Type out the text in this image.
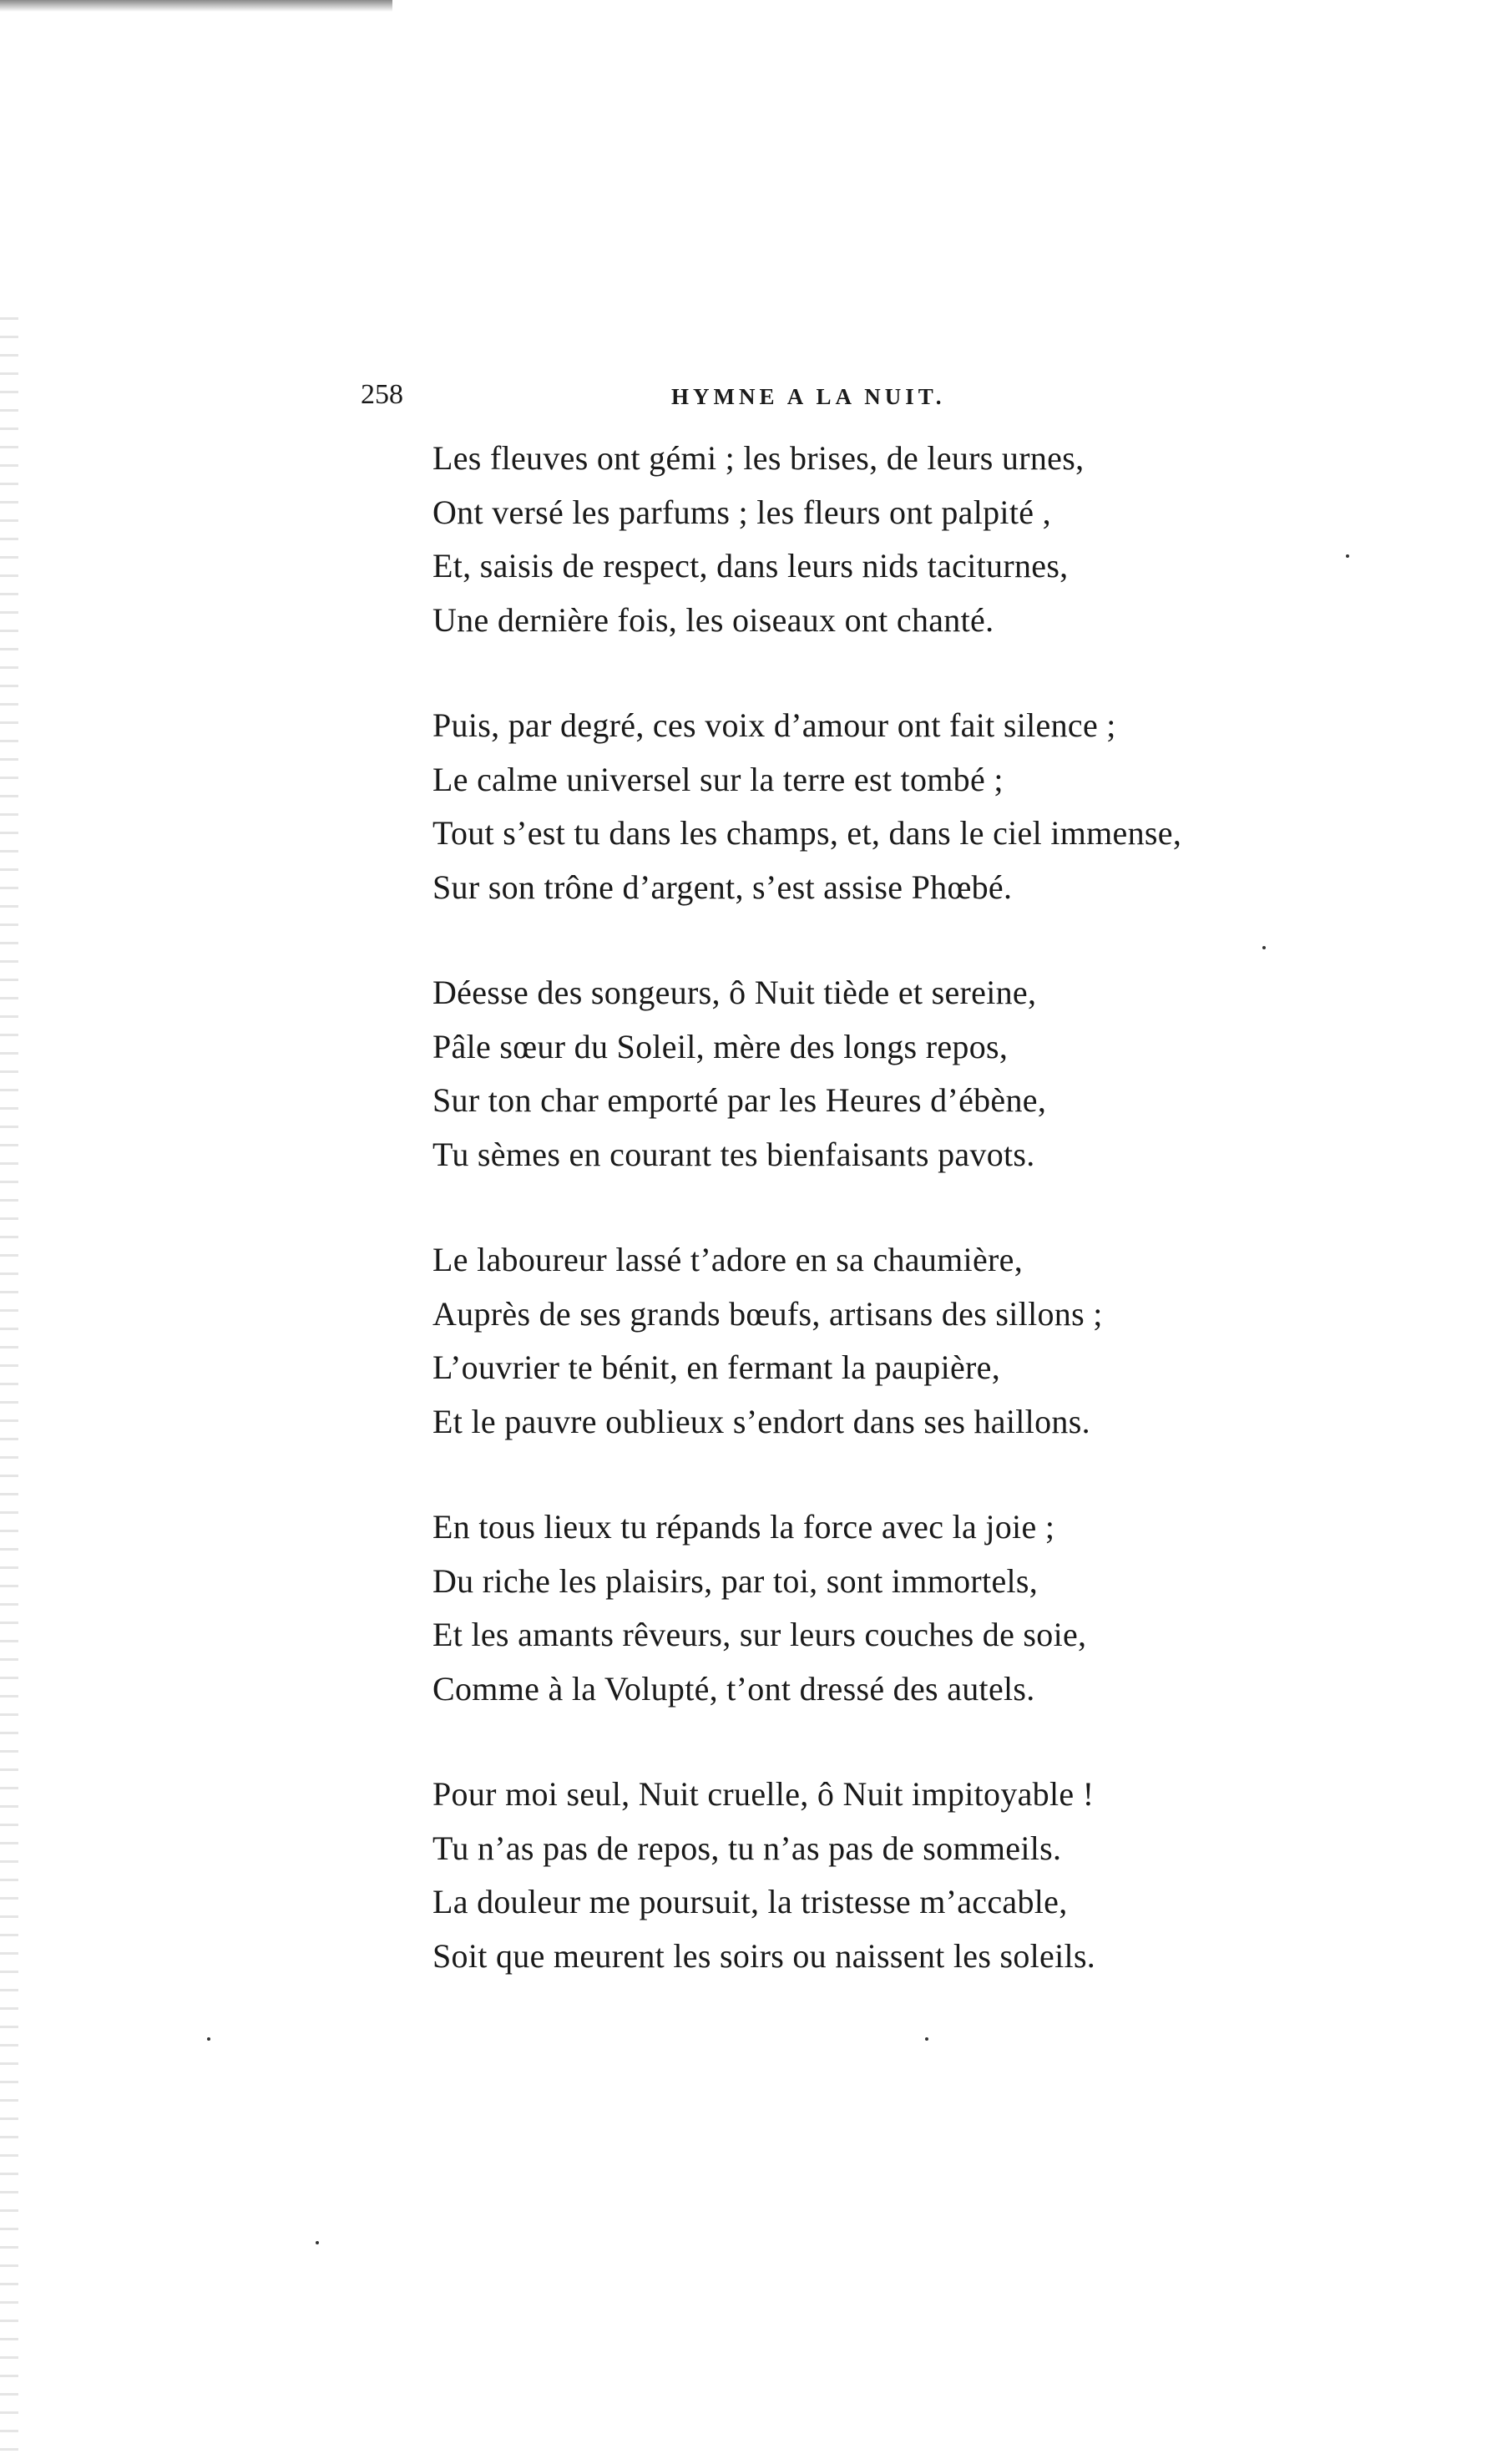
258	HYMNE A LA NUIT.
Les fleuves ont gémi ; les brises, de leurs urnes,
Ont versé les parfums ; les fleurs ont palpité ,
Et, saisis de respect, dans leurs nids taciturnes,
Une dernière fois, les oiseaux ont chanté.
Puis, par degré, ces voix d’amour ont fait silence ;
Le calme universel sur la terre est tombé ;
Tout s’est tu dans les champs, et, dans le ciel immense,
Sur son trône d’argent, s’est assise Phœbé.
Déesse des songeurs, ô Nuit tiède et sereine,
Pâle sœur du Soleil, mère des longs repos,
Sur ton char emporté par les Heures d’ébène,
Tu sèmes en courant tes bienfaisants pavots.
Le laboureur lassé t’adore en sa chaumière,
Auprès de ses grands bœufs, artisans des sillons ;
L’ouvrier te bénit, en fermant la paupière,
Et le pauvre oublieux s’endort dans ses haillons.
En tous lieux tu répands la force avec la joie ;
Du riche les plaisirs, par toi, sont immortels,
Et les amants rêveurs, sur leurs couches de soie,
Comme à la Volupté, t’ont dressé des autels.
Pour moi seul, Nuit cruelle, ô Nuit impitoyable !
Tu n’as pas de repos, tu n’as pas de sommeils.
La douleur me poursuit, la tristesse m’accable,
Soit que meurent les soirs ou naissent les soleils.
